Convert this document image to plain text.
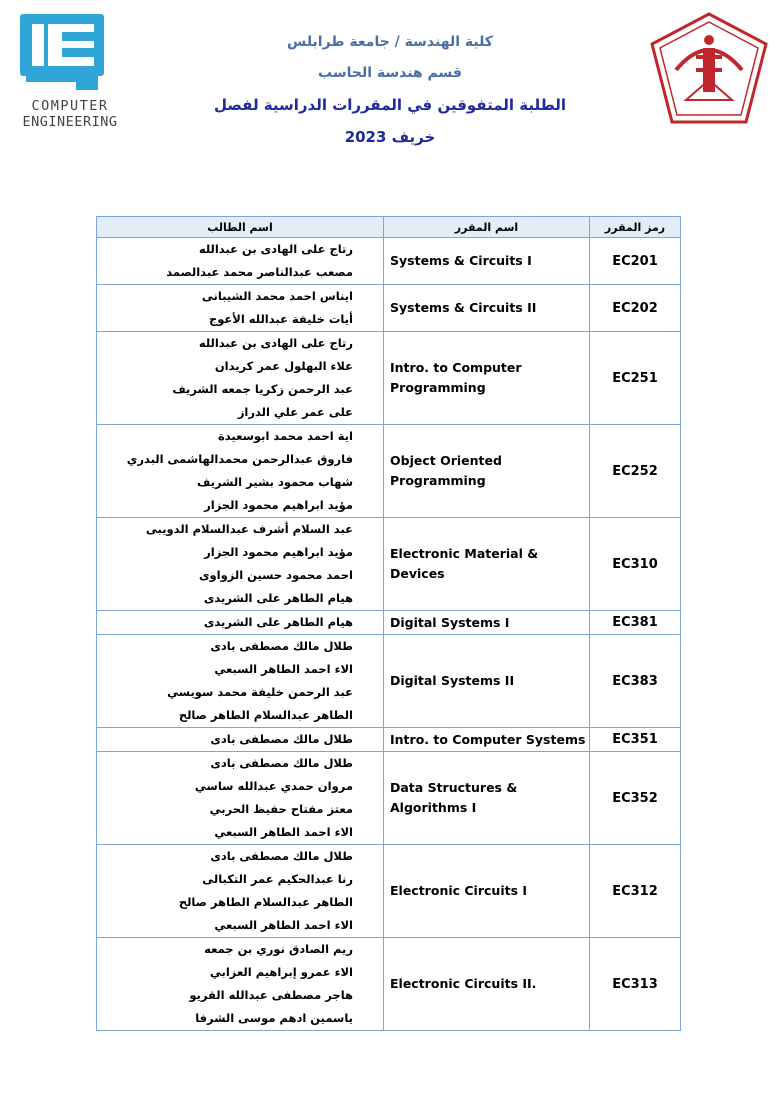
COMPUTER
ENGINEERING
كلية الهندسة / جامعة طرابلس
قسم هندسة الحاسب
الطلبة المتفوقين في المقررات الدراسية لفصل
خريف 2023
اسم الطالب	اسم المقرر	رمز المقرر

رتاج على الهادى بن عبدالله
مصعب عبدالناصر محمد عبدالصمد	Systems & Circuits I	EC201

ايناس احمد محمد الشيبانى
أيات خليفة عبدالله الأعوج	Systems & Circuits II	EC202

رتاج على الهادى بن عبدالله
علاء البهلول عمر كريدان
عبد الرحمن زكريا جمعه الشريف
على عمر علي الدراز	Intro. to Computer Programming	EC251

اية احمد محمد ابوسعيدة
فاروق عبدالرحمن محمدالهاشمى البدري
شهاب محمود بشير الشريف
مؤيد ابراهيم محمود الجزار	Object Oriented Programming	EC252

عبد السلام أشرف عبدالسلام الدويبى
مؤيد ابراهيم محمود الجزار
احمد محمود حسين الزواوى
هيام الطاهر على الشريدى	Electronic Material & Devices	EC310

هيام الطاهر على الشريدى	Digital Systems I	EC381

طلال مالك مصطفى بادى
الاء احمد الطاهر السبعي
عبد الرحمن خليفة محمد سويسي
الطاهر عبدالسلام الطاهر صالح	Digital Systems II	EC383

طلال مالك مصطفى بادى	Intro. to Computer Systems	EC351

طلال مالك مصطفى بادى
مروان حمدي عبدالله ساسي
معتز مفتاح حفيظ الحربي
الاء احمد الطاهر السبعي	Data Structures & Algorithms I	EC352

طلال مالك مصطفى بادى
رنا عبدالحكيم عمر التكبالى
الطاهر عبدالسلام الطاهر صالح
الاء احمد الطاهر السبعي	Electronic Circuits I	EC312

ريم الصادق نوري بن جمعه
الاء عمرو إبراهيم العزابي
هاجر مصطفى عبدالله القريو
ياسمين ادهم موسى الشرفا	Electronic Circuits II.	EC313
